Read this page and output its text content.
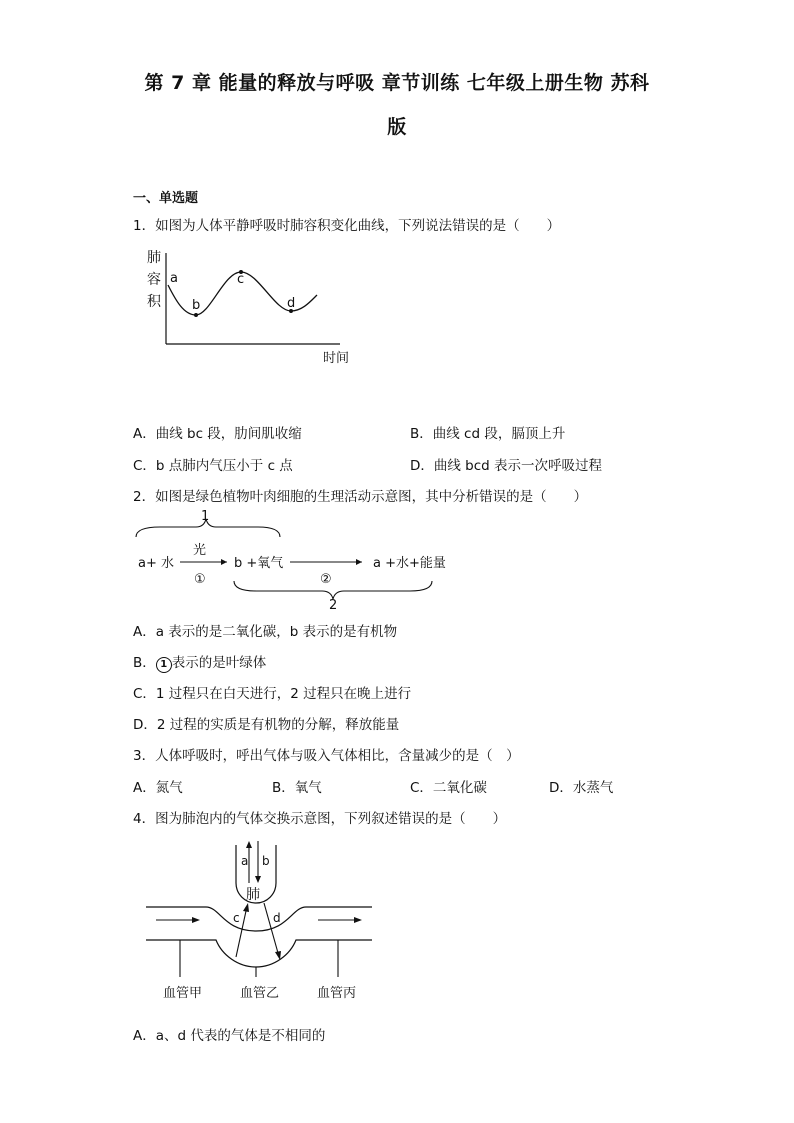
第 7 章 能量的释放与呼吸 章节训练 七年级上册生物 苏科
版
一、单选题
1．如图为人体平静呼吸时肺容积变化曲线，下列说法错误的是（　　）
肺
容
积
时间
a
b
c
d
A．曲线 bc 段，肋间肌收缩	B．曲线 cd 段，膈顶上升
C．b 点肺内气压小于 c 点	D．曲线 bcd 表示一次呼吸过程
2．如图是绿色植物叶肉细胞的生理活动示意图，其中分析错误的是（　　）
1
a+ 水
光
①
b +氧气
②
a +水+能量
2
A．a 表示的是二氧化碳，b 表示的是有机物
B． 1 表示的是叶绿体
C．1 过程只在白天进行，2 过程只在晚上进行
D．2 过程的实质是有机物的分解，释放能量
3．人体呼吸时，呼出气体与吸入气体相比，含量减少的是（　）
A．氮气	B．氧气	C．二氧化碳	D．水蒸气
4．图为肺泡内的气体交换示意图，下列叙述错误的是（　　）
肺
a b
c	d
血管甲	血管乙	血管丙
A．a、d 代表的气体是不相同的
